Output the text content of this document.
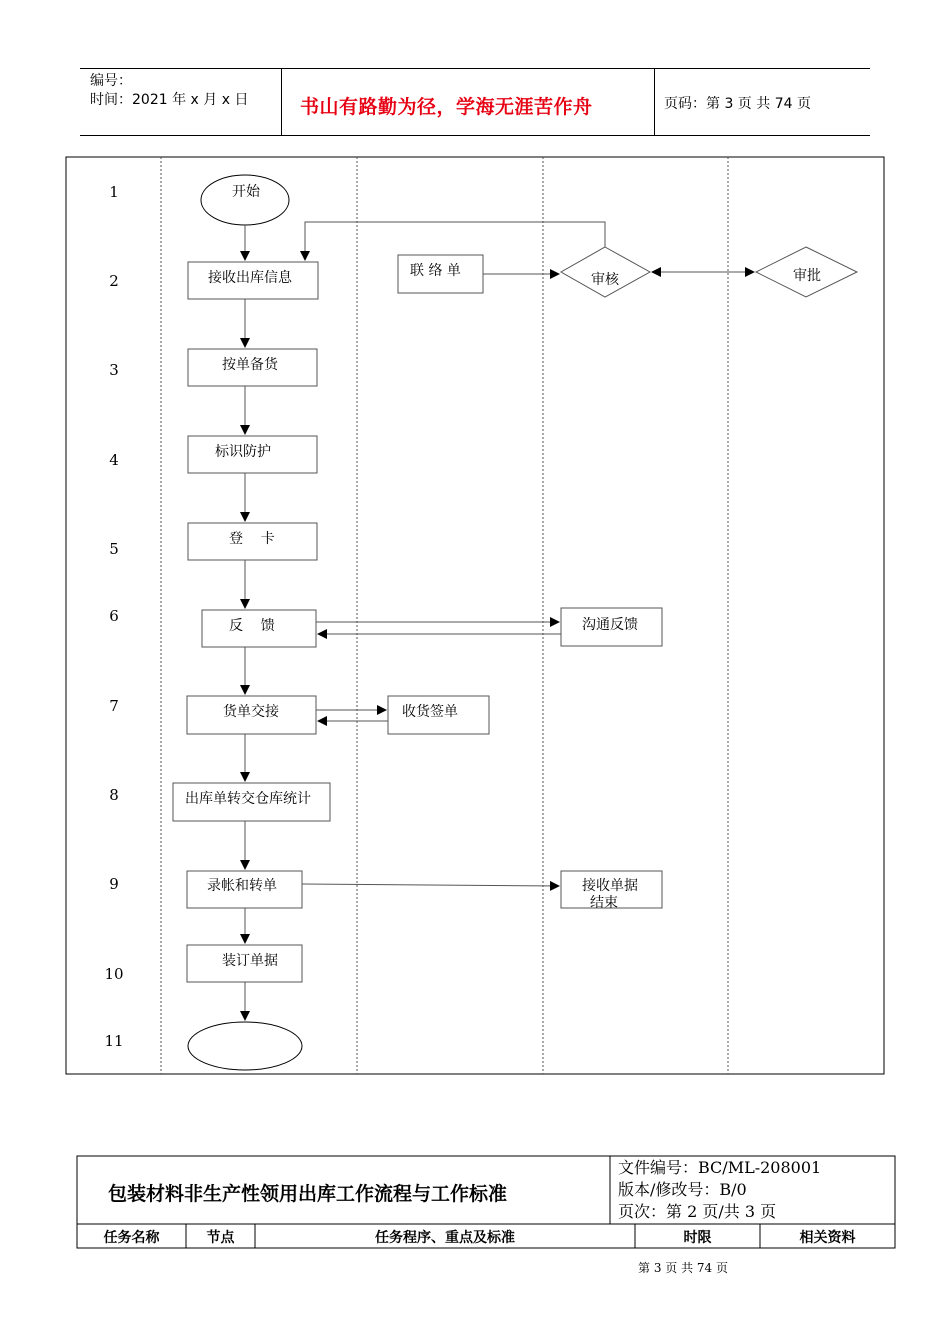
编号：
时间：2021 年 x 月 x 日	书山有路勤为径，学海无涯苦作舟	页码：第 3 页 共 74 页
1
2
3
4
5
6
7
8
9
10
11
开始
接收出库信息	联 络 单
审核	审批
按单备货
标识防护
登    卡
反    馈	沟通反馈
货单交接	收货签单
出库单转交仓库统计
录帐和转单	接收单据
结束
装订单据
包装材料非生产性领用出库工作流程与工作标准
文件编号：BC/ML-208001
版本/修改号：B/0
页次：第 2 页/共 3 页
任务名称	节点	任务程序、重点及标准	时限	相关资料
第 3 页 共 74 页
